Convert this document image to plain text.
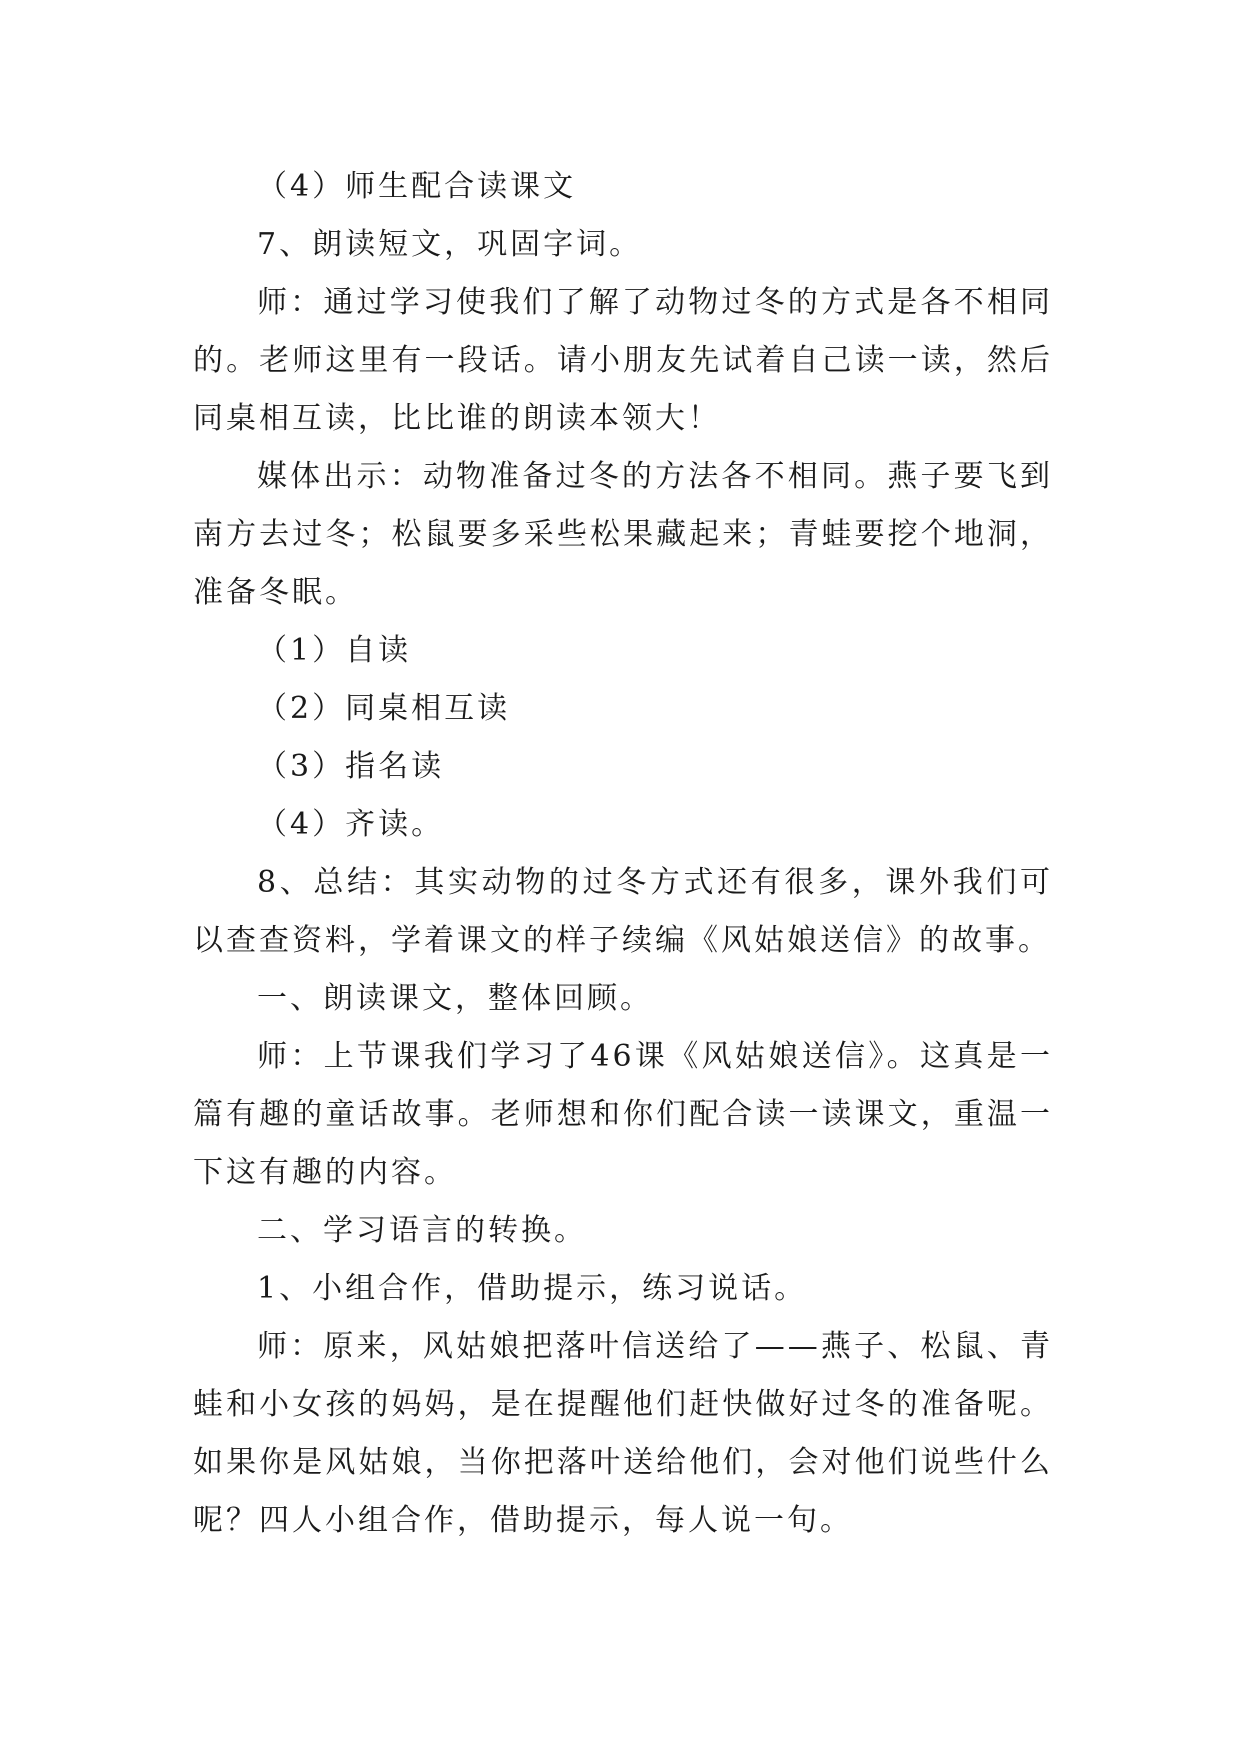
（4）师生配合读课文

7、朗读短文，巩固字词。

师：通过学习使我们了解了动物过冬的方式是各不相同的。老师这里有一段话。请小朋友先试着自己读一读，然后同桌相互读，比比谁的朗读本领大！

媒体出示：动物准备过冬的方法各不相同。燕子要飞到南方去过冬；松鼠要多采些松果藏起来；青蛙要挖个地洞，准备冬眠。

（1）自读

（2）同桌相互读

（3）指名读

（4）齐读。

8、总结：其实动物的过冬方式还有很多，课外我们可以查查资料，学着课文的样子续编《风姑娘送信》的故事。

一、朗读课文，整体回顾。

师：上节课我们学习了46课《风姑娘送信》。这真是一篇有趣的童话故事。老师想和你们配合读一读课文，重温一下这有趣的内容。

二、学习语言的转换。

1、小组合作，借助提示，练习说话。

师：原来，风姑娘把落叶信送给了——燕子、松鼠、青蛙和小女孩的妈妈，是在提醒他们赶快做好过冬的准备呢。如果你是风姑娘，当你把落叶送给他们，会对他们说些什么呢？四人小组合作，借助提示，每人说一句。
